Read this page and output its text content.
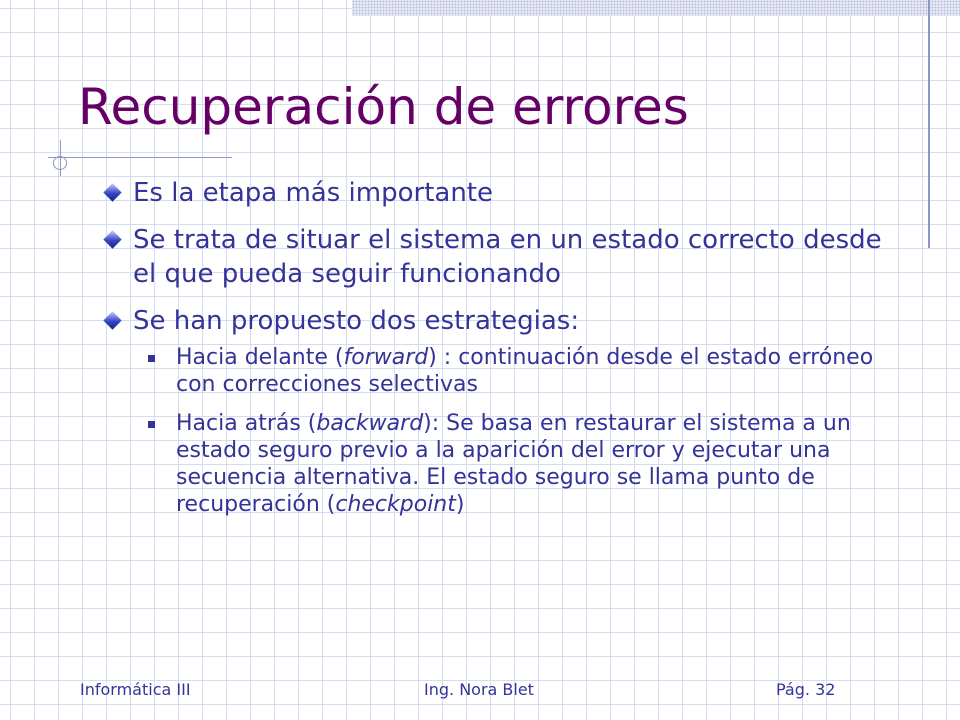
Recuperación de errores
Es la etapa más importante
Se trata de situar el sistema en un estado correcto desde el que pueda seguir funcionando
Se han propuesto dos estrategias:
Hacia delante (forward) : continuación desde el estado erróneo con correcciones selectivas
Hacia atrás (backward): Se basa en restaurar el sistema a un estado seguro previo a la aparición del error y ejecutar una secuencia alternativa. El estado seguro se llama punto de recuperación (checkpoint)
Informática III	Ing. Nora Blet	Pág. 32
